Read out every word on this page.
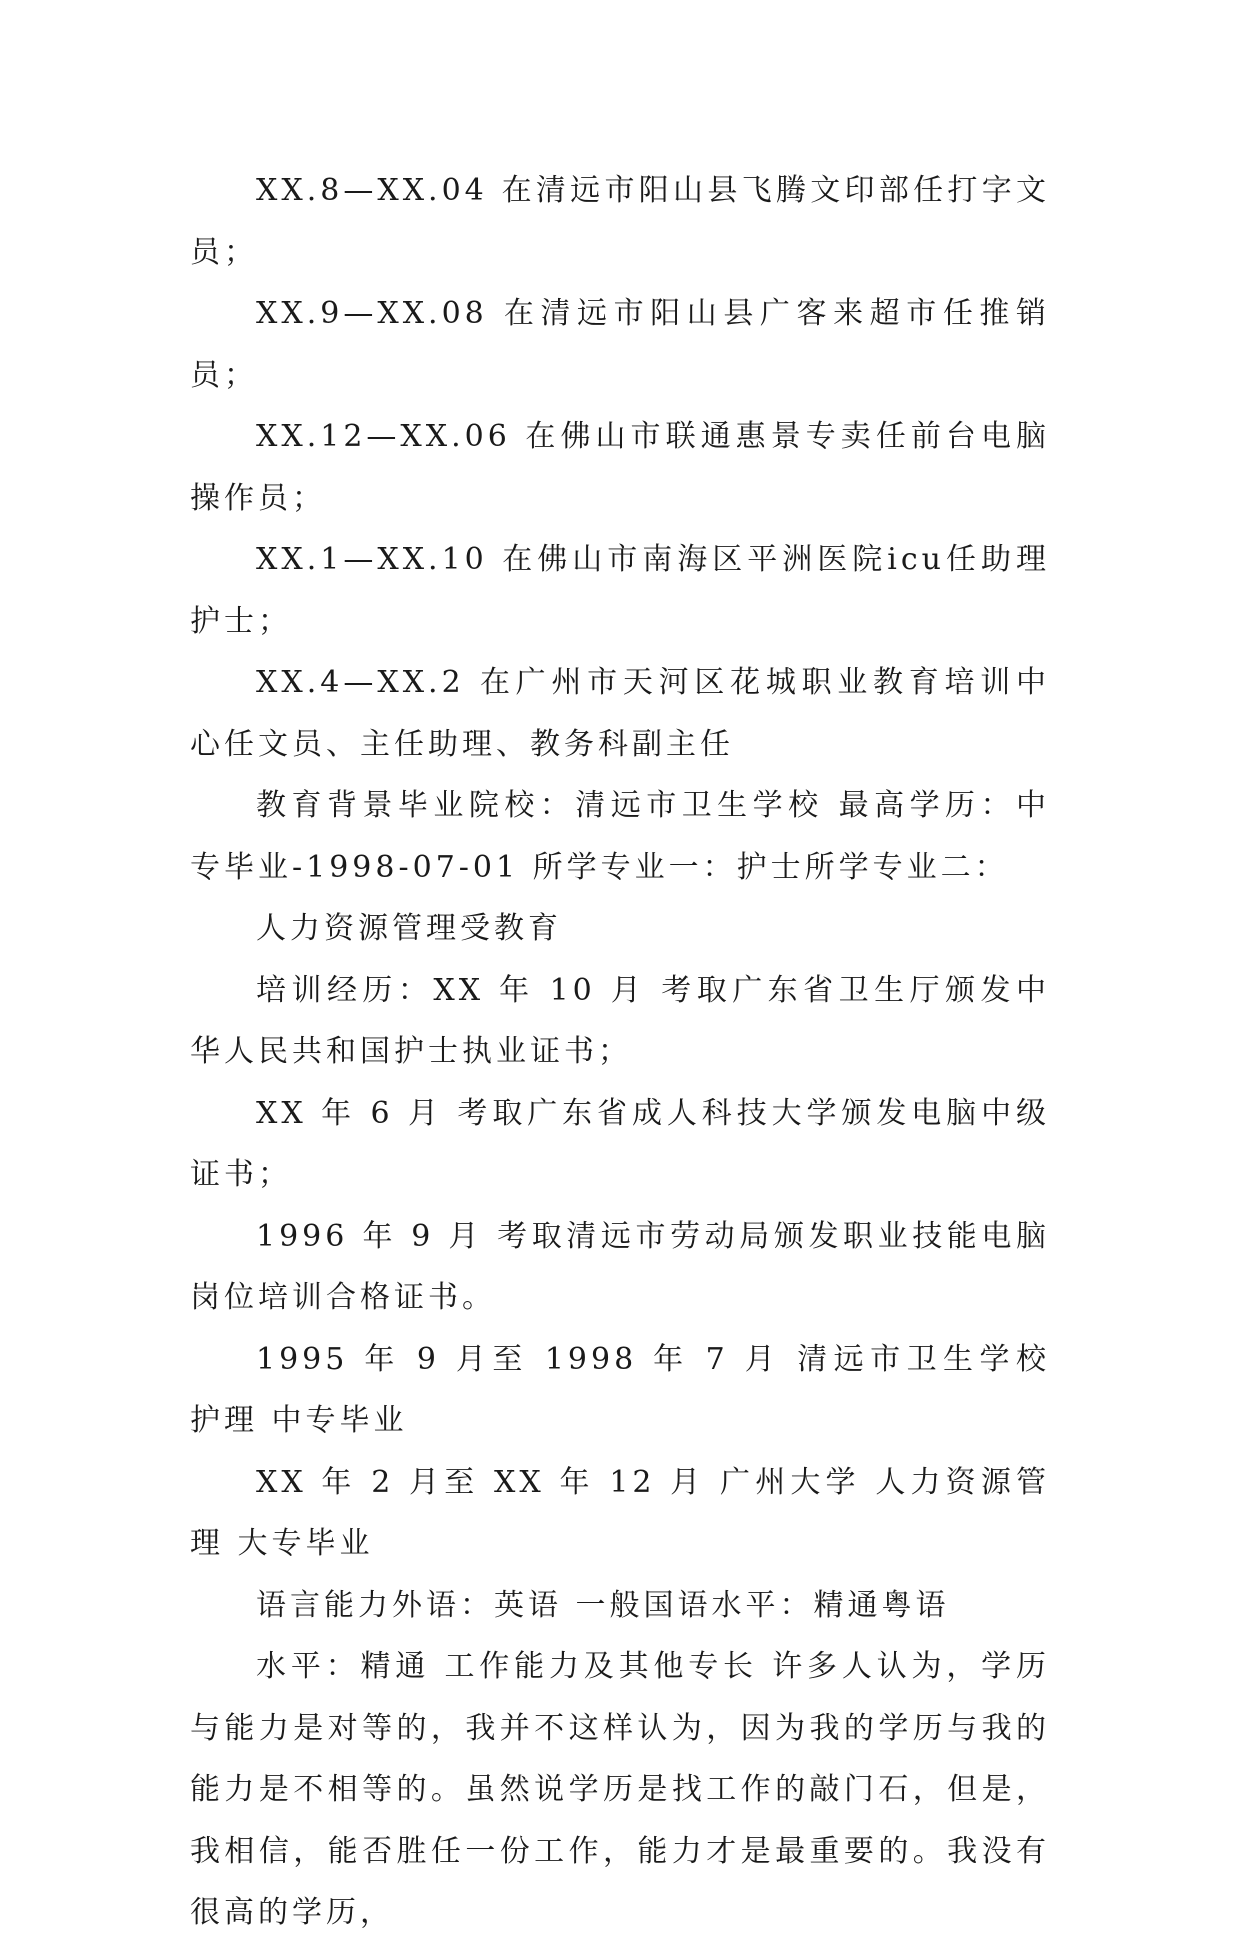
XX.8—XX.04 在清远市阳山县飞腾文印部任打字文员；

XX.9—XX.08 在清远市阳山县广客来超市任推销员；

XX.12—XX.06 在佛山市联通惠景专卖任前台电脑操作员；

XX.1—XX.10 在佛山市南海区平洲医院icu任助理护士；

XX.4—XX.2 在广州市天河区花城职业教育培训中心任文员、主任助理、教务科副主任

教育背景毕业院校：清远市卫生学校 最高学历：中专毕业-1998-07-01 所学专业一：护士所学专业二：

人力资源管理受教育

培训经历：XX 年 10 月 考取广东省卫生厅颁发中华人民共和国护士执业证书；

XX 年 6 月 考取广东省成人科技大学颁发电脑中级证书；

1996 年 9 月 考取清远市劳动局颁发职业技能电脑岗位培训合格证书。

1995 年 9 月至 1998 年 7 月 清远市卫生学校 护理 中专毕业

XX 年 2 月至 XX 年 12 月 广州大学 人力资源管理 大专毕业

语言能力外语：英语 一般国语水平：精通粤语

水平：精通 工作能力及其他专长 许多人认为，学历与能力是对等的，我并不这样认为，因为我的学历与我的能力是不相等的。虽然说学历是找工作的敲门石，但是，我相信，能否胜任一份工作，能力才是最重要的。我没有很高的学历，
